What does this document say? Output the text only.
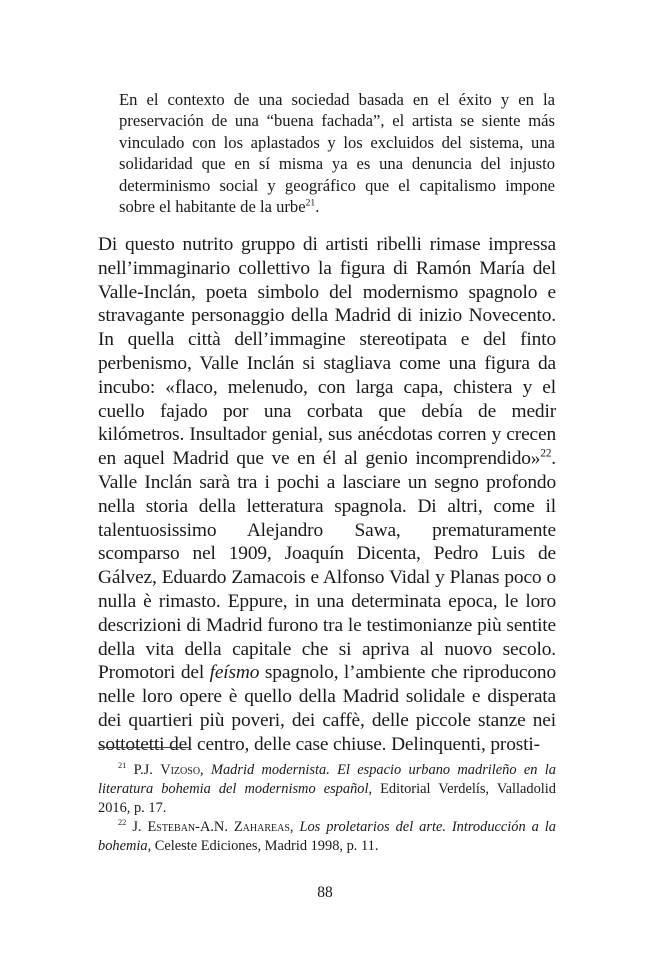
En el contexto de una sociedad basada en el éxito y en la preservación de una “buena fachada”, el artista se siente más vinculado con los aplastados y los excluidos del sistema, una solidaridad que en sí misma ya es una denuncia del injusto determinismo social y geográfico que el capitalismo impone sobre el habitante de la urbe$^{21}$.

Di questo nutrito gruppo di artisti ribelli rimase impressa nell’immaginario collettivo la figura di Ramón María del Valle-Inclán, poeta simbolo del modernismo spagnolo e stravagante personaggio della Madrid di inizio Novecento. In quella città dell’immagine stereotipata e del finto perbenismo, Valle Inclán si stagliava come una figura da incubo: «flaco, melenudo, con larga capa, chistera y el cuello fajado por una corbata que debía de medir kilómetros. Insultador genial, sus anécdotas corren y crecen en aquel Madrid que ve en él al genio incomprendido»$^{22}$. Valle Inclán sarà tra i pochi a lasciare un segno profondo nella storia della letteratura spagnola. Di altri, come il talentuosissimo Alejandro Sawa, prematuramente scomparso nel 1909, Joaquín Dicenta, Pedro Luis de Gálvez, Eduardo Zamacois e Alfonso Vidal y Planas poco o nulla è rimasto. Eppure, in una determinata epoca, le loro descrizioni di Madrid furono tra le testimonianze più sentite della vita della capitale che si apriva al nuovo secolo. Promotori del feísmo spagnolo, l’ambiente che riproducono nelle loro opere è quello della Madrid solidale e disperata dei quartieri più poveri, dei caffè, delle piccole stanze nei sottotetti del centro, delle case chiuse. Delinquenti, prosti-

$^{21}$ P.J. Vizoso, Madrid modernista. El espacio urbano madrileño en la literatura bohemia del modernismo español, Editorial Verdelís, Valladolid 2016, p. 17.

$^{22}$ J. Esteban-A.N. Zahareas, Los proletarios del arte. Introducción a la bohemia, Celeste Ediciones, Madrid 1998, p. 11.

88
